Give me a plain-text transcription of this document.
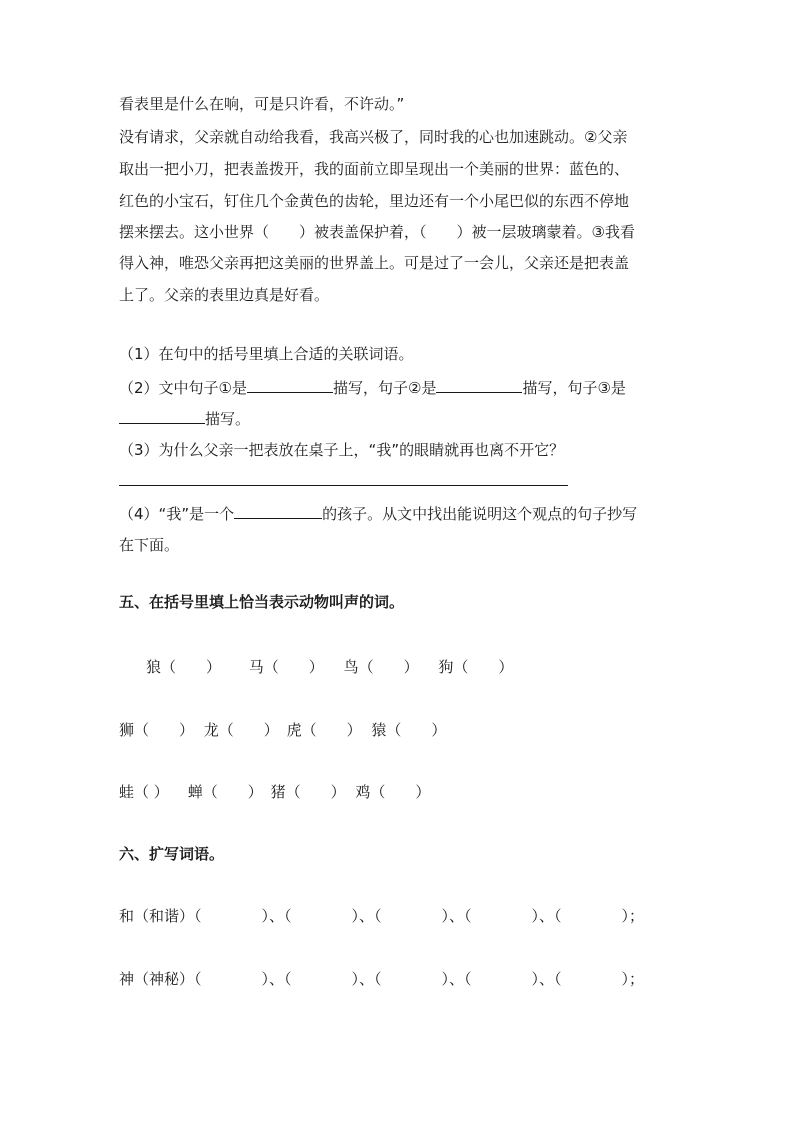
看表里是什么在响，可是只许看，不许动。”
没有请求，父亲就自动给我看，我高兴极了，同时我的心也加速跳动。②父亲
取出一把小刀，把表盖拨开，我的面前立即呈现出一个美丽的世界：蓝色的、
红色的小宝石，钉住几个金黄色的齿轮，里边还有一个小尾巴似的东西不停地
摆来摆去。这小世界（　　）被表盖保护着，（　　）被一层玻璃蒙着。③我看
得入神，唯恐父亲再把这美丽的世界盖上。可是过了一会儿，父亲还是把表盖
上了。父亲的表里边真是好看。
（1）在句中的括号里填上合适的关联词语。
（2）文中句子①是	描写，句子②是	描写，句子③是
描写。
（3）为什么父亲一把表放在桌子上，“我”的眼睛就再也离不开它？
（4）“我”是一个	的孩子。从文中找出能说明这个观点的句子抄写
在下面。
五、在括号里填上恰当表示动物叫声的词。
狼（　　） 马（　　） 鸟（　　） 狗（　　）
狮（　　） 龙（　　） 虎（　　） 猿（　　）
蛙（ ） 蝉（　　） 猪（　　） 鸡（　　）
六、扩写词语。
和（和谐）（　　　　）、（　　　　）、（　　　　）、（　　　　）、（　　　　）；
神（神秘）（　　　　）、（　　　　）、（　　　　）、（　　　　）、（　　　　）；
